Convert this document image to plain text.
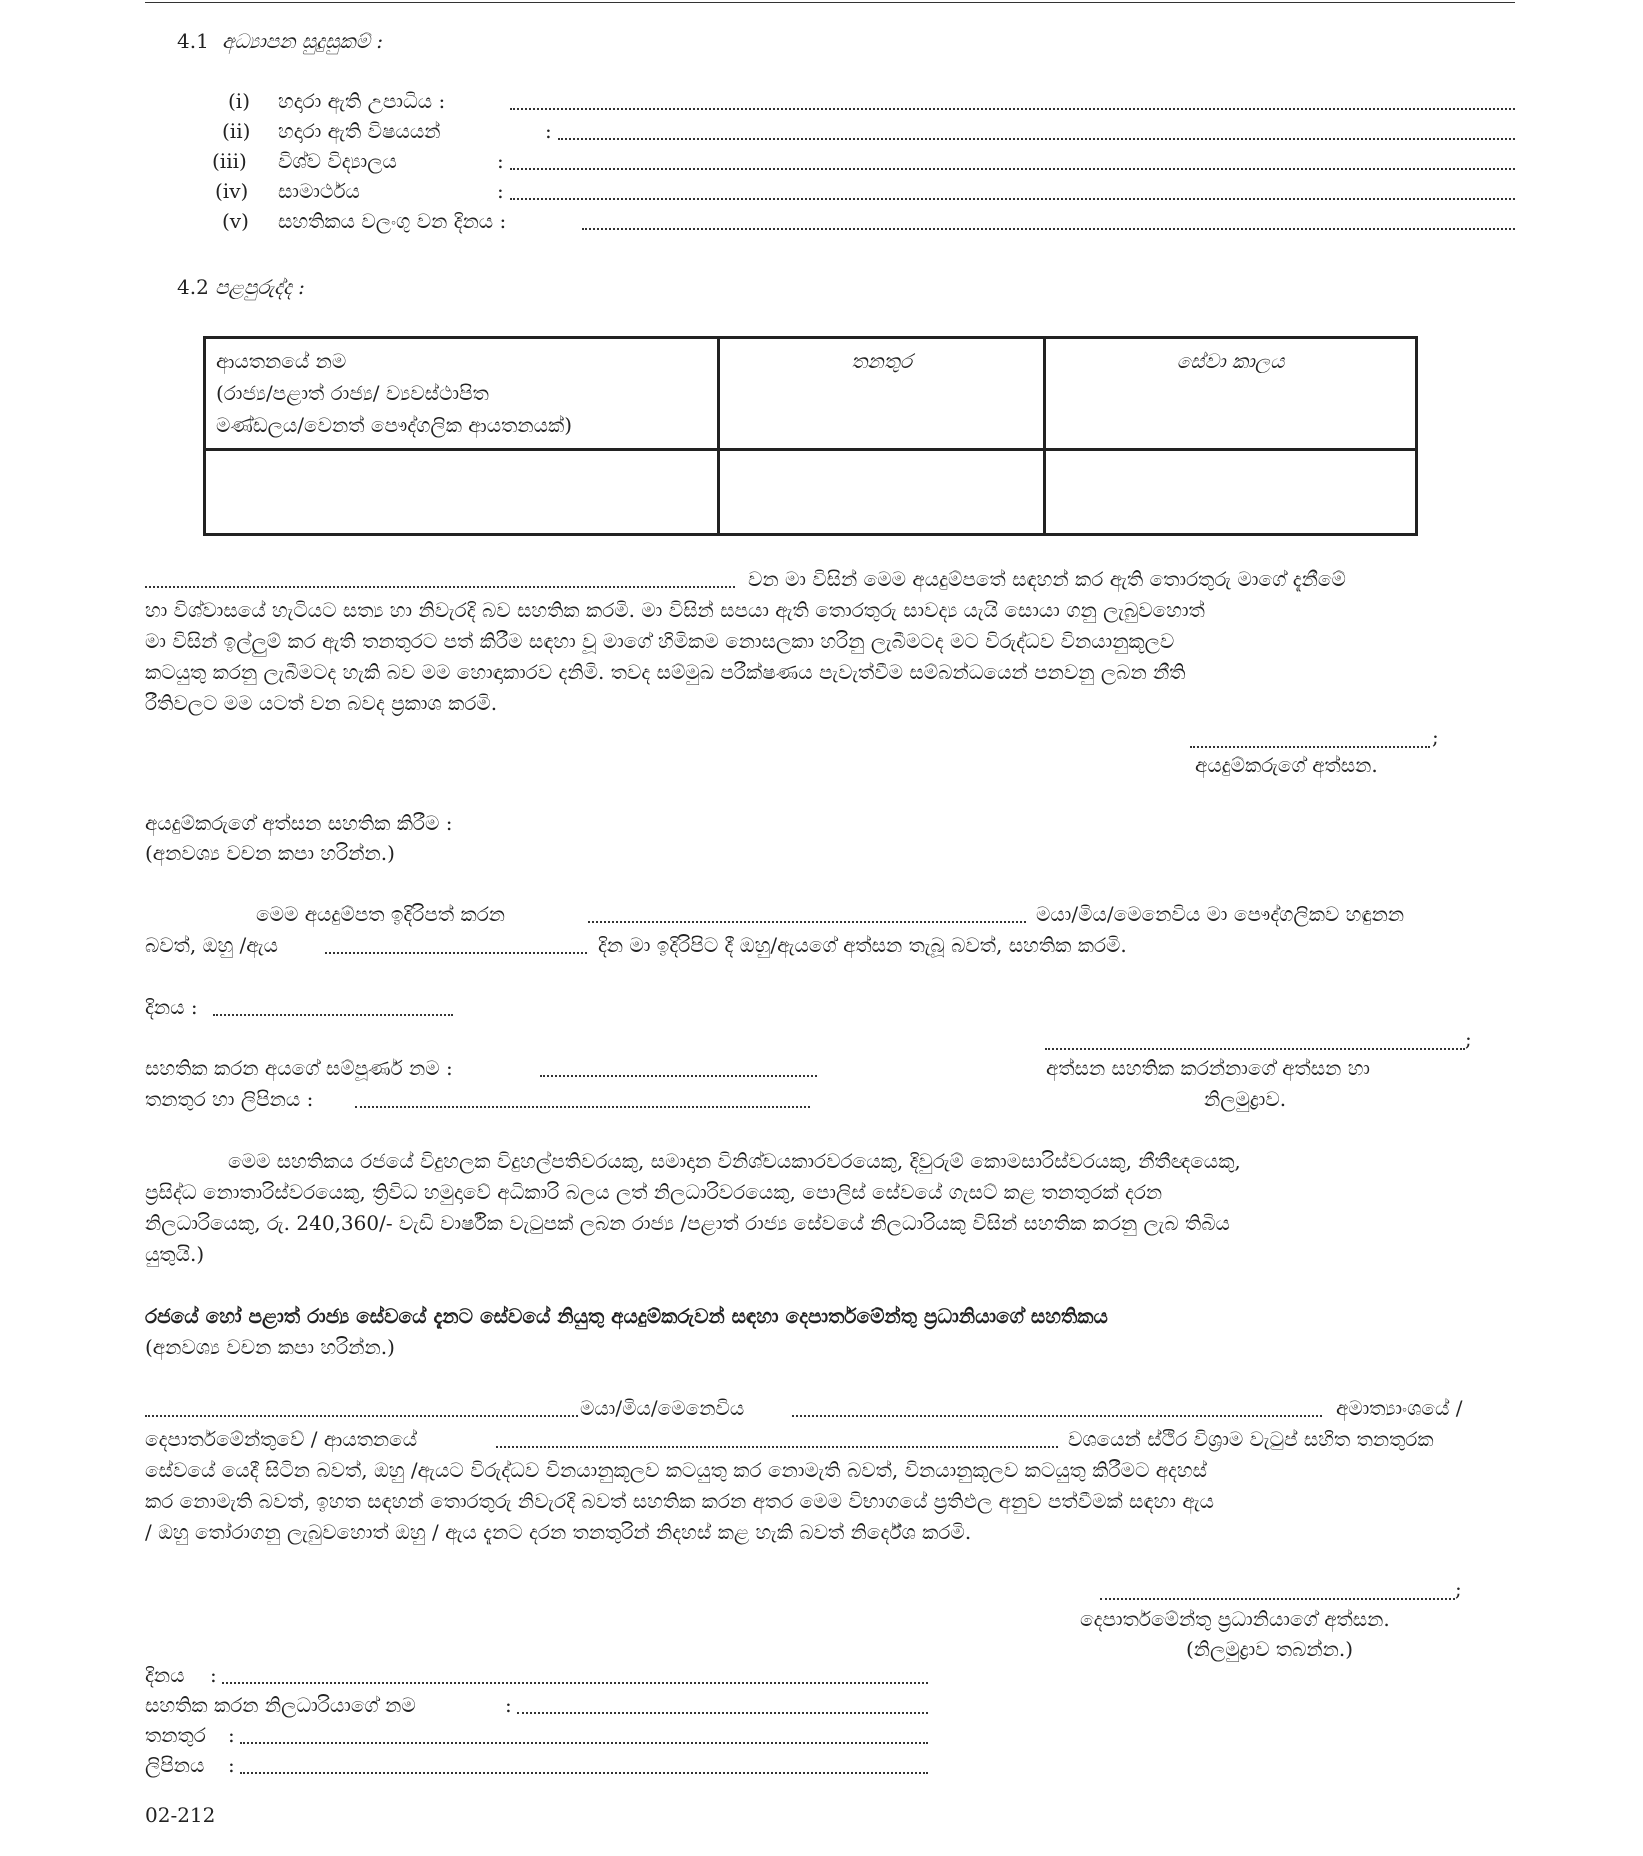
4.1 අධ්‍යාපන සුදුසුකම් :
(i) හදාරා ඇති උපාධිය :
(ii) හදාරා ඇති විෂයයන්	:
(iii) විශ්ව විද්‍යාලය	:
(iv) සාමාර්ථය	:
(v) සහතිකය වලංගු වන දිනය :
4.2 පළපුරුද්ද :
ආයතනයේ නම
(රාජ්‍ය/පළාත් රාජ්‍ය/ ව්‍යවස්ථාපිත
මණ්ඩලය/වෙනත් පෞද්ගලික ආයතනයක්)	තනතුර	සේවා කාලය

වන මා විසින් මෙම අයදුම්පතේ සඳහන් කර ඇති තොරතුරු මාගේ දැනීමේ
හා විශ්වාසයේ හැටියට සත්‍ය හා නිවැරදි බව සහතික කරමි. මා විසින් සපයා ඇති තොරතුරු සාවද්‍ය යැයි සොයා ගනු ලැබුවහොත්
මා විසින් ඉල්ලුම් කර ඇති තනතුරට පත් කිරීම සඳහා වූ මාගේ හිමිකම නොසලකා හරිනු ලැබීමටද මට විරුද්ධව විනයානුකූලව
කටයුතු කරනු ලැබීමටද හැකි බව මම හොඳාකාරව දනිමි. තවද සම්මුඛ පරීක්ෂණය පැවැත්වීම සම්බන්ධයෙන් පනවනු ලබන නීති
රීතිවලට මම යටත් වන බවද ප්‍රකාශ කරමි.
;
අයදුම්කරුගේ අත්සන.
අයදුම්කරුගේ අත්සන සහතික කිරීම :
(අනවශ්‍ය වචන කපා හරින්න.)
මෙම අයදුම්පත ඉදිරිපත් කරන	මයා/මිය/මෙනෙවිය මා පෞද්ගලිකව හඳුනන
බවත්, ඔහු /ඇය	දින මා ඉදිරිපිට දී ඔහු/ඇයගේ අත්සන තැබූ බවත්, සහතික කරමි.
දිනය :
;
සහතික කරන අයගේ සම්පූර්ණ නම :	අත්සන සහතික කරන්නාගේ අත්සන හා
තනතුර හා ලිපිනය :	නිලමුද්‍රාව.
මෙම සහතිකය රජයේ විදුහලක විදුහල්පතිවරයකු, සමාදාන විනිශ්චයකාරවරයෙකු, දිවුරුම් කොමසාරිස්වරයකු, නීතීඥයෙකු,
ප්‍රසිද්ධ නොතාරිස්වරයෙකු, ත්‍රිවිධ හමුදාවේ අධිකාරි බලය ලත් නිලධාරිවරයෙකු, පොලිස් සේවයේ ගැසට් කළ තනතුරක් දරන
නිලධාරියෙකු, රු. 240,360/- වැඩි වාර්ෂික වැටුපක් ලබන රාජ්‍ය /පළාත් රාජ්‍ය සේවයේ නිලධාරියකු විසින් සහතික කරනු ලැබ තිබිය
යුතුයි.)
රජයේ හෝ පළාත් රාජ්‍ය සේවයේ දැනට සේවයේ නියුතු අයදුම්කරුවන් සඳහා දෙපාර්තමේන්තු ප්‍රධානියාගේ සහතිකය
(අනවශ්‍ය වචන කපා හරින්න.)
මයා/මිය/මෙනෙවිය	අමාත්‍යාංශයේ /
දෙපාර්තමේන්තුවේ / ආයතනයේ	වශයෙන් ස්ථිර විශ්‍රාම වැටුප් සහිත තනතුරක
සේවයේ යෙදී සිටින බවත්, ඔහු /ඇයට විරුද්ධව විනයානුකූලව කටයුතු කර නොමැති බවත්, විනයානුකූලව කටයුතු කිරීමට අදහස්
කර නොමැති බවත්, ඉහත සඳහන් තොරතුරු නිවැරදි බවත් සහතික කරන අතර මෙම විභාගයේ ප්‍රතිඵල අනුව පත්වීමක් සඳහා ඇය
/ ඔහු තෝරාගනු ලැබුවහොත් ඔහු / ඇය දැනට දරන තනතුරින් නිදහස් කළ හැකි බවත් නිර්දේශ කරමි.
;
දෙපාර්තමේන්තු ප්‍රධානියාගේ අත්සන.
(නිලමුද්‍රාව තබන්න.)
දිනය :
සහතික කරන නිලධාරියාගේ නම	:
තනතුර :
ලිපිනය :
02-212
